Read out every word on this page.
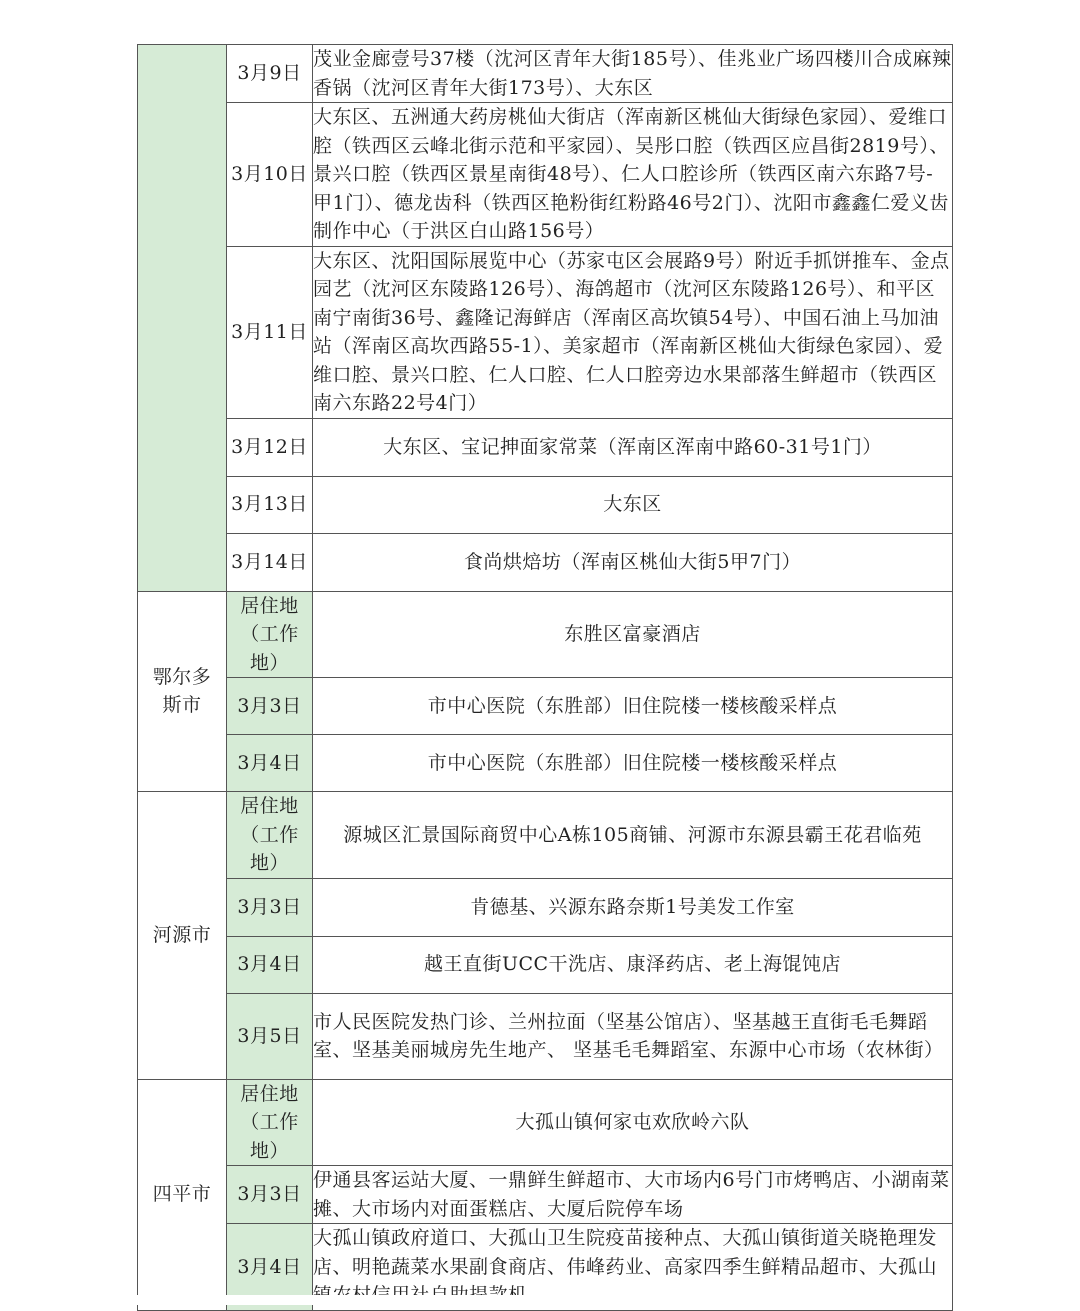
	3月9日	茂业金廊壹号37楼（沈河区青年大街185号）、佳兆业广场四楼川合成麻辣香锅（沈河区青年大街173号）、大东区
	3月10日	大东区、五洲通大药房桃仙大街店（浑南新区桃仙大街绿色家园）、爱维口腔（铁西区云峰北街示范和平家园）、吴彤口腔（铁西区应昌街2819号）、景兴口腔（铁西区景星南街48号）、仁人口腔诊所（铁西区南六东路7号-甲1门）、德龙齿科（铁西区艳粉街红粉路46号2门）、沈阳市鑫鑫仁爱义齿制作中心（于洪区白山路156号）
	3月11日	大东区、沈阳国际展览中心（苏家屯区会展路9号）附近手抓饼推车、金点园艺（沈河区东陵路126号）、海鸽超市（沈河区东陵路126号）、和平区南宁南街36号、鑫隆记海鲜店（浑南区高坎镇54号）、中国石油上马加油站（浑南区高坎西路55-1）、美家超市（浑南新区桃仙大街绿色家园）、爱维口腔、景兴口腔、仁人口腔、仁人口腔旁边水果部落生鲜超市（铁西区南六东路22号4门）
	3月12日	大东区、宝记抻面家常菜（浑南区浑南中路60-31号1门）
	3月13日	大东区
	3月14日	食尚烘焙坊（浑南区桃仙大街5甲7门）
鄂尔多斯市	居住地（工作地）	东胜区富豪酒店
	3月3日	市中心医院（东胜部）旧住院楼一楼核酸采样点
	3月4日	市中心医院（东胜部）旧住院楼一楼核酸采样点
河源市	居住地（工作地）	源城区汇景国际商贸中心A栋105商铺、河源市东源县霸王花君临苑
	3月3日	肯德基、兴源东路奈斯1号美发工作室
	3月4日	越王直街UCC干洗店、康泽药店、老上海馄饨店
	3月5日	市人民医院发热门诊、兰州拉面（坚基公馆店）、坚基越王直街毛毛舞蹈室、坚基美丽城房先生地产、 坚基毛毛舞蹈室、东源中心市场（农林街）
四平市	居住地（工作地）	大孤山镇何家屯欢欣岭六队
	3月3日	伊通县客运站大厦、一鼎鲜生鲜超市、大市场内6号门市烤鸭店、小湖南菜摊、大市场内对面蛋糕店、大厦后院停车场
	3月4日	大孤山镇政府道口、大孤山卫生院疫苗接种点、大孤山镇街道关晓艳理发店、明艳蔬菜水果副食商店、伟峰药业、高家四季生鲜精品超市、大孤山
